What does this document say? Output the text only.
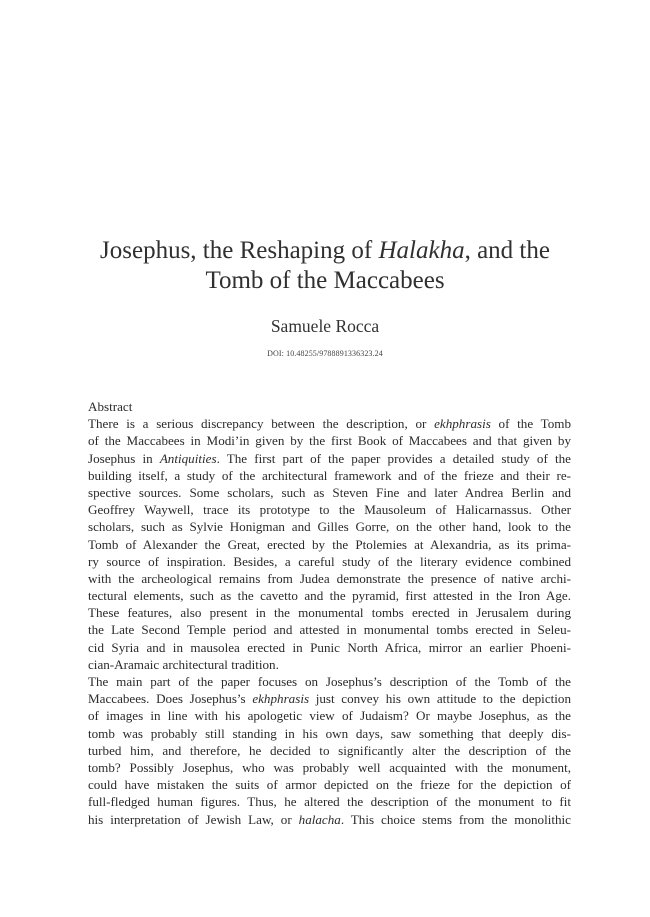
Josephus, the Reshaping of Halakha, and the
Tomb of the Maccabees
Samuele Rocca
DOI: 10.48255/9788891336323.24
Abstract
There is a serious discrepancy between the description, or ekhphrasis of the Tomb
of the Maccabees in Modi’in given by the first Book of Maccabees and that given by
Josephus in Antiquities. The first part of the paper provides a detailed study of the
building itself, a study of the architectural framework and of the frieze and their re-
spective sources. Some scholars, such as Steven Fine and later Andrea Berlin and
Geoffrey Waywell, trace its prototype to the Mausoleum of Halicarnassus. Other
scholars, such as Sylvie Honigman and Gilles Gorre, on the other hand, look to the
Tomb of Alexander the Great, erected by the Ptolemies at Alexandria, as its prima-
ry source of inspiration. Besides, a careful study of the literary evidence combined
with the archeological remains from Judea demonstrate the presence of native archi-
tectural elements, such as the cavetto and the pyramid, first attested in the Iron Age.
These features, also present in the monumental tombs erected in Jerusalem during
the Late Second Temple period and attested in monumental tombs erected in Seleu-
cid Syria and in mausolea erected in Punic North Africa, mirror an earlier Phoeni-
cian-Aramaic architectural tradition.
The main part of the paper focuses on Josephus’s description of the Tomb of the
Maccabees. Does Josephus’s ekhphrasis just convey his own attitude to the depiction
of images in line with his apologetic view of Judaism? Or maybe Josephus, as the
tomb was probably still standing in his own days, saw something that deeply dis-
turbed him, and therefore, he decided to significantly alter the description of the
tomb? Possibly Josephus, who was probably well acquainted with the monument,
could have mistaken the suits of armor depicted on the frieze for the depiction of
full-fledged human figures. Thus, he altered the description of the monument to fit
his interpretation of Jewish Law, or halacha. This choice stems from the monolithic
